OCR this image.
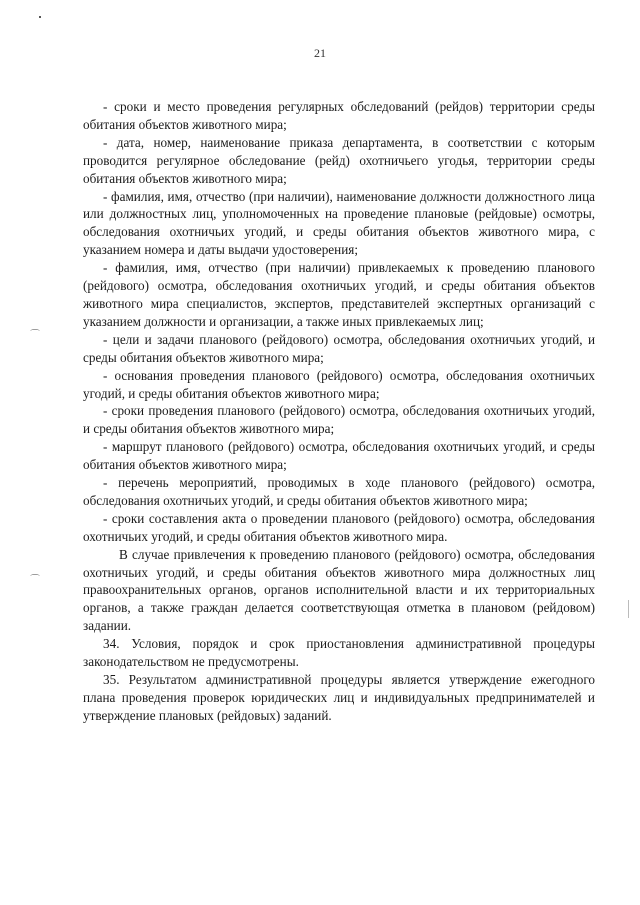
⌒
⌒
21

- сроки и место проведения регулярных обследований (рейдов) территории среды обитания объектов животного мира;

- дата, номер, наименование приказа департамента, в соответствии с которым проводится регулярное обследование (рейд) охотничьего угодья, территории среды обитания объектов животного мира;

- фамилия, имя, отчество (при наличии), наименование должности должностного лица или должностных лиц, уполномоченных на проведение плановые (рейдовые) осмотры, обследования охотничьих угодий, и среды обитания объектов животного мира, с указанием номера и даты выдачи удостоверения;

- фамилия, имя, отчество (при наличии) привлекаемых к проведению планового (рейдового) осмотра, обследования охотничьих угодий, и среды обитания объектов животного мира специалистов, экспертов, представителей экспертных организаций с указанием должности и организации, а также иных привлекаемых лиц;

- цели и задачи планового (рейдового) осмотра, обследования охотничьих угодий, и среды обитания объектов животного мира;

- основания проведения планового (рейдового) осмотра, обследования охотничьих угодий, и среды обитания объектов животного мира;

- сроки проведения планового (рейдового) осмотра, обследования охотничьих угодий, и среды обитания объектов животного мира;

- маршрут планового (рейдового) осмотра, обследования охотничьих угодий, и среды обитания объектов животного мира;

- перечень мероприятий, проводимых в ходе планового (рейдового) осмотра, обследования охотничьих угодий, и среды обитания объектов животного мира;

- сроки составления акта о проведении планового (рейдового) осмотра, обследования охотничьих угодий, и среды обитания объектов животного мира.

В случае привлечения к проведению планового (рейдового) осмотра, обследования охотничьих угодий, и среды обитания объектов животного мира должностных лиц правоохранительных органов, органов исполнительной власти и их территориальных органов, а также граждан делается соответствующая отметка в плановом (рейдовом) задании.

34. Условия, порядок и срок приостановления административной процедуры законодательством не предусмотрены.

35. Результатом административной процедуры является утверждение ежегодного плана проведения проверок юридических лиц и индивидуальных предпринимателей и утверждение плановых (рейдовых) заданий.
